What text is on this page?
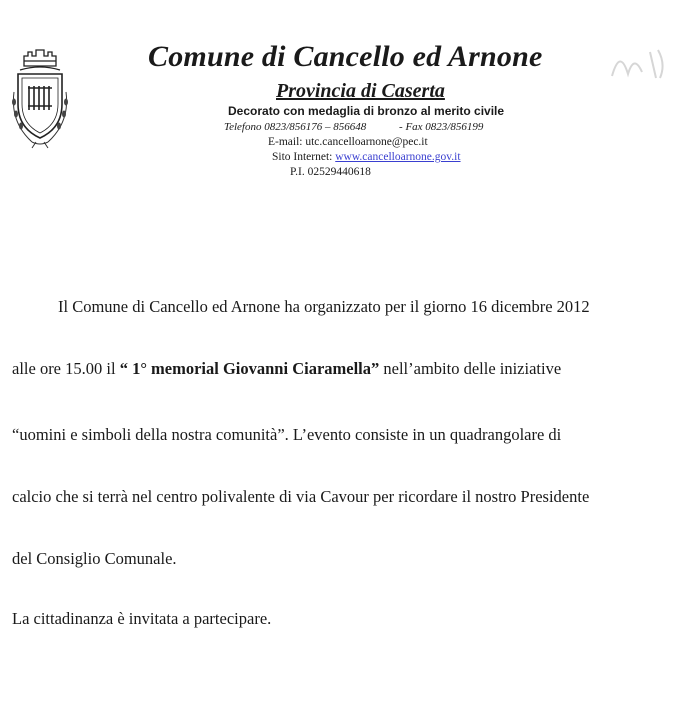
Comune di Cancello ed Arnone
Provincia di Caserta
Decorato con medaglia di bronzo al merito civile
Telefono 0823/856176 – 856648	- Fax 0823/856199
E-mail: utc.cancelloarnone@pec.it
Sito Internet: www.cancelloarnone.gov.it
P.I. 02529440618

Il Comune di Cancello ed Arnone ha organizzato per il giorno 16 dicembre 2012

alle ore 15.00 il “ 1° memorial Giovanni Ciaramella” nell’ambito delle iniziative

“uomini e simboli della nostra comunità”. L’evento consiste in un quadrangolare di

calcio che si terrà nel centro polivalente di via Cavour per ricordare il nostro Presidente

del Consiglio Comunale.

La cittadinanza è invitata a partecipare.
